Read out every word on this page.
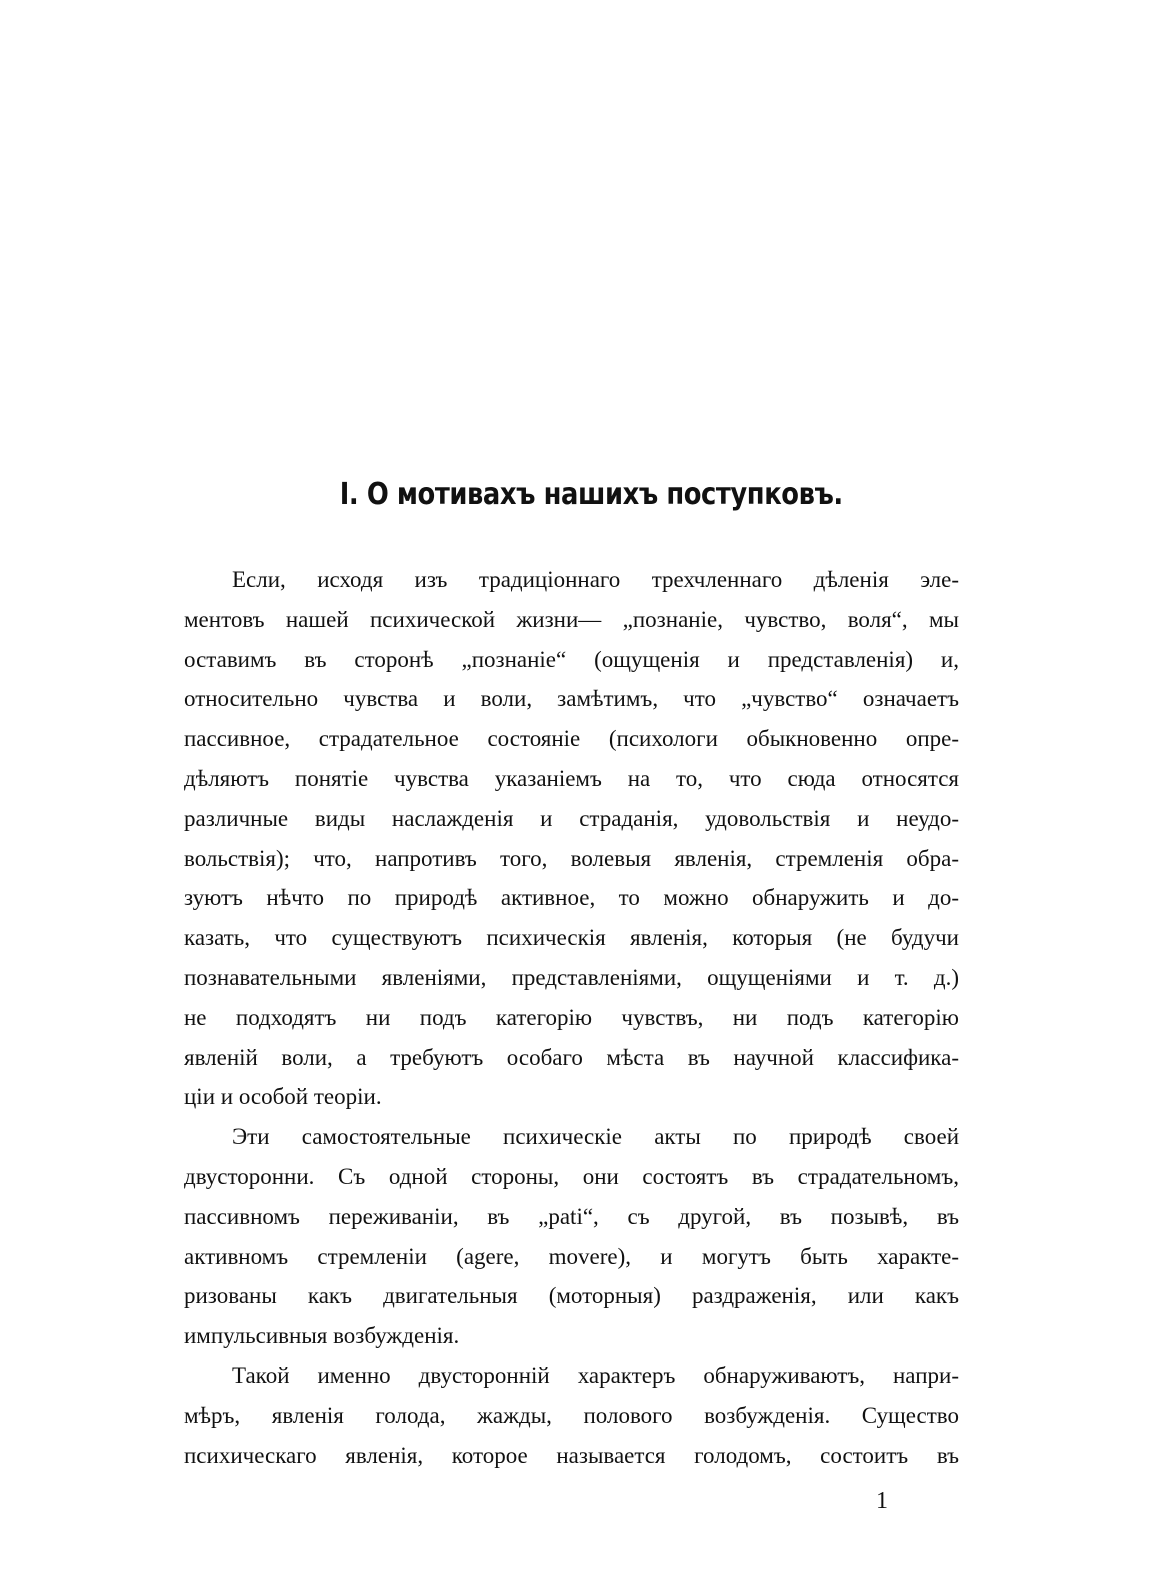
I. О мотивахъ нашихъ поступковъ.
Если, исходя изъ традиціоннаго трехчленнаго дѣленія эле-
ментовъ нашей психической жизни— „познаніе, чувство, воля“, мы
оставимъ въ сторонѣ „познаніе“ (ощущенія и представленія) и,
относительно чувства и воли, замѣтимъ, что „чувство“ означаетъ
пассивное, страдательное состояніе (психологи обыкновенно опре-
дѣляютъ понятіе чувства указаніемъ на то, что сюда относятся
различные виды наслажденія и страданія, удовольствія и неудо-
вольствія); что, напротивъ того, волевыя явленія, стремленія обра-
зуютъ нѣчто по природѣ активное, то можно обнаружить и до-
казать, что существуютъ психическія явленія, которыя (не будучи
познавательными явленіями, представленіями, ощущеніями и т. д.)
не подходятъ ни подъ категорію чувствъ, ни подъ категорію
явленій воли, а требуютъ особаго мѣста въ научной классифика-
ціи и особой теоріи.
Эти самостоятельные психическіе акты по природѣ своей
двусторонни. Съ одной стороны, они состоятъ въ страдательномъ,
пассивномъ переживаніи, въ „pati“, съ другой, въ позывѣ, въ
активномъ стремленіи (agere, movere), и могутъ быть характе-
ризованы какъ двигательныя (моторныя) раздраженія, или какъ
импульсивныя возбужденія.
Такой именно двусторонній характеръ обнаруживаютъ, напри-
мѣръ, явленія голода, жажды, полового возбужденія. Существо
психическаго явленія, которое называется голодомъ, состоитъ въ
1
